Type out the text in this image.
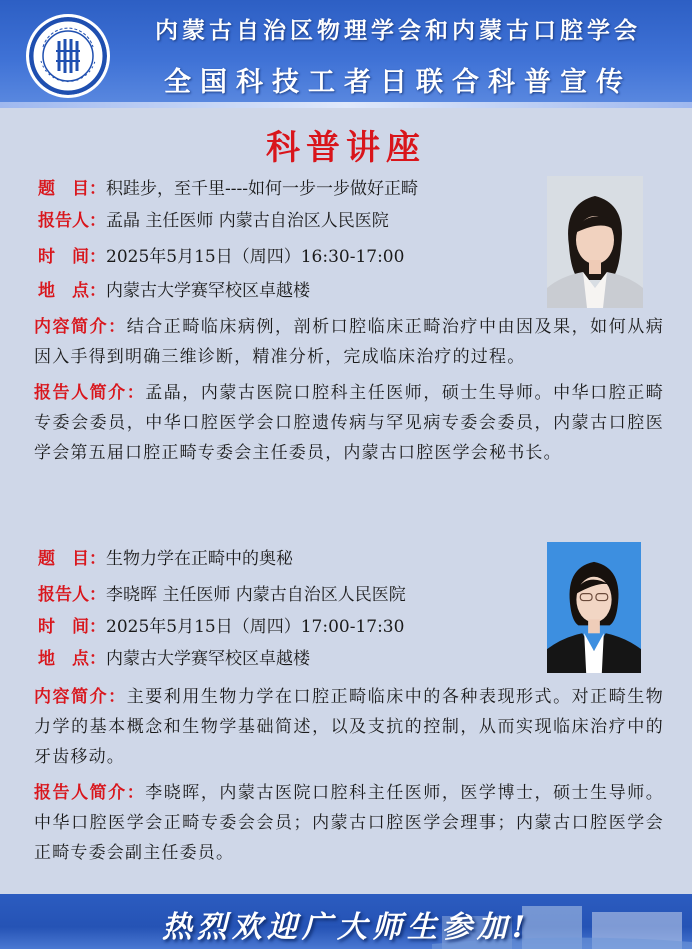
内蒙古自治区物理学会和内蒙古口腔学会
全国科技工者日联合科普宣传
科普讲座
题　目：积跬步，至千里----如何一步一步做好正畸
报告人：孟晶 主任医师 内蒙古自治区人民医院
时　间：2025年5月15日（周四）16:30-17:00
地　点：内蒙古大学赛罕校区卓越楼
内容简介：结合正畸临床病例，剖析口腔临床正畸治疗中由因及果，如何从病因入手得到明确三维诊断，精准分析，完成临床治疗的过程。
报告人简介：孟晶，内蒙古医院口腔科主任医师，硕士生导师。中华口腔正畸专委会委员，中华口腔医学会口腔遗传病与罕见病专委会委员，内蒙古口腔医学会第五届口腔正畸专委会主任委员，内蒙古口腔医学会秘书长。
题　目：生物力学在正畸中的奥秘
报告人：李晓晖 主任医师 内蒙古自治区人民医院
时　间：2025年5月15日（周四）17:00-17:30
地　点：内蒙古大学赛罕校区卓越楼
内容简介：主要利用生物力学在口腔正畸临床中的各种表现形式。对正畸生物力学的基本概念和生物学基础简述，以及支抗的控制，从而实现临床治疗中的牙齿移动。
报告人简介：李晓晖，内蒙古医院口腔科主任医师，医学博士，硕士生导师。中华口腔医学会正畸专委会会员；内蒙古口腔医学会理事；内蒙古口腔医学会正畸专委会副主任委员。
热烈欢迎广大师生参加!
